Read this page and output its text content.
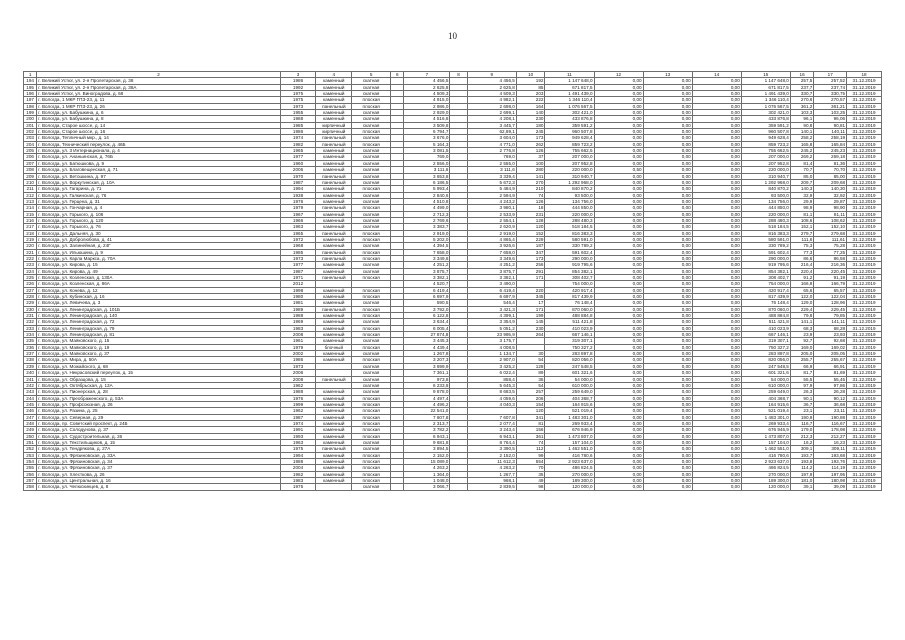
10
1	2	3	4	5	6	7	8	9	10	11	12	13	14	15	16	17	18
194	г. Великий Устюг, ул. 2-я Пролетарская, д. 38	1986	каменный	скатная		4 456,5		4 456,5	192	1 147 648,0	0,00	0,00	0,00	1 147 648,0	257,5	257,52	31.12.2019
195	г. Великий Устюг, ул. 2-я Пролетарская, д. 38А	1992	каменный	скатная		2 625,8		2 625,8	85	671 817,5	0,00	0,00	0,00	671 817,5	237,7	237,74	31.12.2019
196	г. Великий Устюг, ул. Виноградова, д. 68	1975	каменный	скатная		4 509,3		4 509,3	203	1 491 439,0	0,00	0,00	0,00	1 491 439,0	330,7	330,75	31.12.2019
197	г. Вологда, 1 МКР ГПЗ-23, д. 11	1975	каменный	плоская		4 915,0		4 982,1	222	1 346 110,4	0,00	0,00	0,00	1 346 110,4	270,6	270,57	31.12.2019
198	г. Вологда, 1 МКР ГПЗ-23, д. 26	1973	панельный	плоская		2 986,0		2 698,0	164	1 076 567,5	0,00	0,00	0,00	1 076 567,5	361,2	361,21	31.12.2019
199	г. Вологда, ул. Бабушкина, д. 6	1955	каменный	скатная		2 929,0		2 699,1	140	302 421,0	0,00	0,00	0,00	302 421,0	103,3	103,25	31.12.2019
200	г. Вологда, ул. Бабушкина, д. 8	1988	каменный	скатная		4 516,8		4 208,1	230	433 876,8	0,00	0,00	0,00	433 876,8	96,1	96,06	31.12.2019
201	г. Вологда, Старое шоссе, д. 14	1985	кирпичный	скатная		3 509,8		3 445,7	180	359 591,2	0,00	0,00	0,00	359 591,2	90,8	90,81	31.12.2019
202	г. Вологда, Старое шоссе, д. 16	1986	кирпичный	плоская		6 794,7		62,89,1	245	960 507,8	0,00	0,00	0,00	960 507,8	140,1	140,11	31.12.2019
203	г. Вологда, Тепличный мкр., д. 14	1974	панельный	скатная		3 676,0		3 604,0	173	949 628,4	0,00	0,00	0,00	949 628,4	258,2	258,19	31.12.2019
204	г. Вологда, Технический переулок, д. 46Б	1982	панельный	плоская		5 164,3		4 771,0	262	859 723,2	0,00	0,00	0,00	859 723,2	165,8	165,84	31.12.2019
205	г. Вологда, ул. 3 Интернационала, д. 4	1965	каменный	скатная		3 081,5		2 776,8	126	755 662,5	0,00	0,00	0,00	755 662,5	245,2	245,23	31.12.2019
206	г. Вологда, ул. Ананьинская, д. 76Б	1977	каменный	скатная		769,0		769,0	37	207 000,0	0,00	0,00	0,00	207 000,0	269,2	269,18	31.12.2019
207	г. Вологда, ул. Батюшкова, д. 9	1960	каменный	скатная		2 556,0		2 555,0	100	207 952,8	0,00	0,00	0,00	207 952,8	81,4	81,36	31.12.2019
208	г. Вологда, ул. Благовещенская, д. 71	2006	каменный	скатная		3 111,6		3 111,6	280	220 000,0	0,50	0,00	0,00	220 000,0	70,7	70,70	31.12.2019
209	г. Вологда, ул. Ветошкина, д. 97	1970	панельный	скатная		3 653,8		3 339,4	141	310 940,7	0,00	0,00	0,00	310 940,7	85,0	85,00	31.12.2019
210	г. Вологда, ул. Воркутинская, д. 10А	1987	панельный	скатная		6 186,5		5 672,3	270	1 292 968,0	0,00	0,00	0,00	1 292 968,0	209,7	209,68	31.12.2019
211	г. Вологда, ул. Гагарина, д. 71	1994	каменный	плоская		5 993,4		5 484,9	210	840 870,2	0,00	0,00	0,00	840 870,2	140,3	140,30	31.12.2019
212	г. Вологда, ул. Галкинская, д. 76	1938	каменный	скатная		2 840,6		2 594,9	74	93 500,0	0,00	0,00	0,00	93 500,0	32,9	32,92	31.12.2019
213	г. Вологда, ул. Герцена, д. 31	1976	каменный	скатная		4 510,8		4 243,2	126	134 756,0	0,00	0,00	0,00	134 756,0	29,9	29,87	31.12.2019
214	г. Вологда, ул. Гончарная, д. 4	1979	панельный	плоская		4 499,0		3 980,1	18	444 850,0	0,00	0,00	0,00	444 850,0	98,9	98,90	31.12.2019
215	г. Вологда, ул. Горького, д. 106	1967	каменный	скатная		2 712,3		2 533,9	231	220 000,0	0,00	0,00	0,00	220 000,0	81,1	81,11	31.12.2019
216	г. Вологда, ул. Горького, д. 120	1966	каменный	скатная		2 769,6		2 554,1	128	288 480,3	0,00	0,00	0,00	288 480,3	108,6	108,62	31.12.2019
217	г. Вологда, ул. Горького, д. 76	1963	каменный	скатная		3 383,7		2 620,9	120	518 184,5	0,00	0,00	0,00	518 184,5	152,1	152,10	31.12.2019
218	г. Вологда, ул. Дальняя, д. 30	1965	панельный	плоская		2 919,0		2 919,0	152	816 383,3	0,00	0,00	0,00	816 383,3	279,7	279,68	31.12.2019
219	г. Вологда, ул. Добролюбова, д. 41	1972	каменный	плоская		5 202,0		4 865,4	229	580 591,0	0,00	0,00	0,00	580 591,0	111,6	111,61	31.12.2019
220	г. Вологда, ул. Залинейная, д. 24Г	1968	каменный	скатная		4 394,5		3 926,6	187	330 789,2	0,00	0,00	0,00	330 789,2	75,3	75,28	31.12.2019
221	г. Вологда, ул. Ильюшина, д. 9	1985	панельный	плоская		7 658,0		7 658,0	347	591 602,4	0,00	0,00	0,00	591 602,4	77,3	77,25	31.12.2019
222	г. Вологда, ул. Карла Маркса, д. 70А	1973	панельный	плоская		3 349,6		3 349,6	173	290 000,0	0,00	0,00	0,00	290 000,0	86,6	86,58	31.12.2019
223	г. Вологда, ул. Кирова, д. 15	1977	каменный	скатная		4 251,2		4 251,2	256	919 795,6	0,00	0,00	0,00	919 795,6	216,4	216,36	31.12.2019
224	г. Вологда, ул. Кирова, д. 49	1987	каменный	скатная		3 875,7		3 875,7	291	854 382,1	0,00	0,00	0,00	854 382,1	220,4	220,45	31.12.2019
225	г. Вологда, ул. Козленская, д. 130А	1971	панельный	плоская		3 382,1		3 382,1	171	308 402,7	0,00	0,00	0,00	308 402,7	91,2	91,19	31.12.2019
226	г. Вологда, ул. Козленская, д. 86А	2012				4 520,7		3 490,0		754 000,0	0,00	0,00	0,00	754 000,0	166,8	166,79	31.12.2019
227	г. Вологда, ул. Конева, д. 12	1998	каменный	плоская		6 419,4		6 419,4	220	420 917,4	0,00	0,00	0,00	420 917,4	65,6	65,57	31.12.2019
228	г. Вологда, ул. Кубинская, д. 16	1980	каменный	плоская		6 697,9		6 697,9	345	817 439,9	0,00	0,00	0,00	817 439,9	122,0	122,04	31.12.2019
229	г. Вологда, ул. Левичева, д. 3	1981	каменный	скатная		590,5		546,4	17	76 148,4	0,00	0,00	0,00	76 148,4	129,0	128,96	31.12.2019
230	г. Вологда, ул. Ленинградская, д. 101Б	1989	панельный	плоская		3 792,0		3 421,3	171	870 060,0	0,00	0,00	0,00	870 060,0	229,4	229,45	31.12.2019
231	г. Вологда, ул. Ленинградская, д. 140	1988	каменный	плоская		6 122,8		4 399,1	199	488 884,8	0,00	0,00	0,00	488 884,8	79,8	79,85	31.12.2019
232	г. Вологда, ул. Ленинградская, д. 72	1969	каменный	скатная		3 634,4		3 354,9	145	511 421,8	0,00	0,00	0,00	511 421,8	141,1	141,11	31.12.2019
233	г. Вологда, ул. Ленинградская, д. 79	1983	каменный	плоская		6 005,4		5 051,2	230	410 023,9	0,00	0,00	0,00	410 023,9	68,3	68,28	31.12.2019
234	г. Вологда, ул. Ленинградская, д. 81	2008	каменный	плоская		27 874,8		23 995,9	264	667 146,1	0,00	0,00	0,00	667 146,1	23,9	23,93	31.12.2019
235	г. Вологда, ул. Маяковского, д. 15	1961	каменный	скатная		3 445,3		3 175,7		319 307,1	0,00	0,00	0,00	319 307,1	92,7	92,68	31.12.2019
236	г. Вологда, ул. Маяковского, д. 19	1979	блочный	плоская		4 439,4		4 008,5		750 327,2	0,00	0,00	0,00	750 327,2	169,0	169,02	31.12.2019
237	г. Вологда, ул. Маяковского, д. 37	2002	каменный	скатная		1 267,8		1 134,7	30	283 897,8	0,00	0,00	0,00	283 897,8	205,0	205,05	31.12.2019
238	г. Вологда, ул. Мира, д. 50А	1986	каменный	плоская		3 207,3		2 907,0	54	820 056,0	0,00	0,00	0,00	820 056,0	255,7	255,67	31.12.2019
239	г. Вологда, ул. Можайского, д. 68	1973		скатная		3 699,9		3 425,2	128	247 548,5	0,00	0,00	0,00	247 548,5	66,9	66,91	31.12.2019
240	г. Вологда, ул. Некрасовский переулок, д. 15	2006		скатная		7 361,1		6 022,4	89	601 321,6	0,00	0,00	0,00	601 321,6	81,7	81,69	31.12.2019
241	г. Вологда, ул. Образцова, д. 15	2008	панельный	скатная		973,8		858,4	35	54 000,0	0,00	0,00	0,00	54 000,0	55,5	55,45	31.12.2019
242	г. Вологда, ул. Октябрьская, д. 13А	1962		скатная		6 233,8		5 645,3	54	610 000,0	0,00	0,00	0,00	610 000,0	97,9	97,86	31.12.2019
243	г. Вологда, ул. Пионерская, д. 28	1988	каменный	скатная		9 878,0		8 683,5	257	259 649,0	0,00	0,00	0,00	259 649,0	26,3	26,28	31.12.2019
244	г. Вологда, ул. Преображенского, д. 53А	1976	каменный	плоская		4 497,4		4 059,6	206	404 368,7	0,00	0,00	0,00	404 368,7	90,1	90,12	31.12.2019
245	г. Вологда, ул. Профсоюзная, д. 26	1999	каменный	плоская		4 496,2		4 040,3	154	164 915,6	0,00	0,00	0,00	164 915,6	36,7	36,68	31.12.2019
246	г. Вологда, ул. Разина, д. 25	1962	каменный	плоская		22 541,0			120	521 019,4	0,00	0,00	0,00	521 019,4	23,1	23,11	31.12.2019
247	г. Вологда, ул. Северная, д. 29	1987	каменный	плоская		7 607,8		7 607,8	341	1 483 301,0	0,00	0,00	0,00	1 483 301,0	190,9	190,88	31.12.2019
248	г. Вологда, пр. Советский проспект, д. 24Б	1974	каменный	плоская		2 313,7		2 077,4	81	269 933,4	0,00	0,00	0,00	269 933,4	116,7	116,67	31.12.2019
249	г. Вологда, ул. Солодунова, д. 37	1991	каменный	плоская		3 782,2		3 243,4	156	676 946,9	0,00	0,00	0,00	676 946,9	179,0	178,98	31.12.2019
250	г. Вологда, ул. Судостроительная, д. 26	1993	каменный	плоская		6 943,1		6 943,1	361	1 473 807,0	0,00	0,00	0,00	1 473 807,0	212,3	212,27	31.12.2019
251	г. Вологда, ул. Текстильщиков, д. 15	1963	каменный	скатная		9 681,8		8 764,4	74	157 104,0	0,00	0,00	0,00	157 104,0	16,2	16,23	31.12.2019
252	г. Вологда, ул. Тендрякова, д. 27А	1975	панельный	скатная		3 894,5		3 390,5	112	1 462 551,0	0,00	0,00	0,00	1 462 551,0	309,1	309,11	31.12.2019
253	г. Вологда, ул. Фрязиновская, д. 33А	1994	каменный	плоская		2 152,0		2 152,0	99	416 780,6	0,00	0,00	0,00	416 780,6	193,7	193,68	31.12.2019
254	г. Вологда, ул. Фрязиновская, д. 34	1988	каменный	плоская		15 089,0		11 612,3	554	2 923 637,0	0,00	0,00	0,00	2 923 637,0	193,8	193,76	31.12.2019
255	г. Вологда, ул. Фрязиновская, д. 37	2004	каменный	плоская		4 263,2		4 263,2	70	486 824,5	0,00	0,00	0,00	486 824,5	114,2	114,19	31.12.2019
256	г. Вологда, ул. Хлесткова, д. 26	1962	каменный	плоская		1 364,0		1 267,7	35	270 000,0	0,00	0,00	0,00	270 000,0	197,9	197,95	31.12.2019
257	г. Вологда, ул. Центральная, д. 16	1983	каменный	плоская		1 048,0		968,1	49	189 300,0	0,00	0,00	0,00	189 300,0	181,0	180,98	31.12.2019
258	г. Вологда, ул. Челюскинцев, д. 8	1975		скатная		3 066,7		2 839,5	98	120 000,0	0,00	0,00	0,00	120 000,0	39,1	39,09	31.12.2019
